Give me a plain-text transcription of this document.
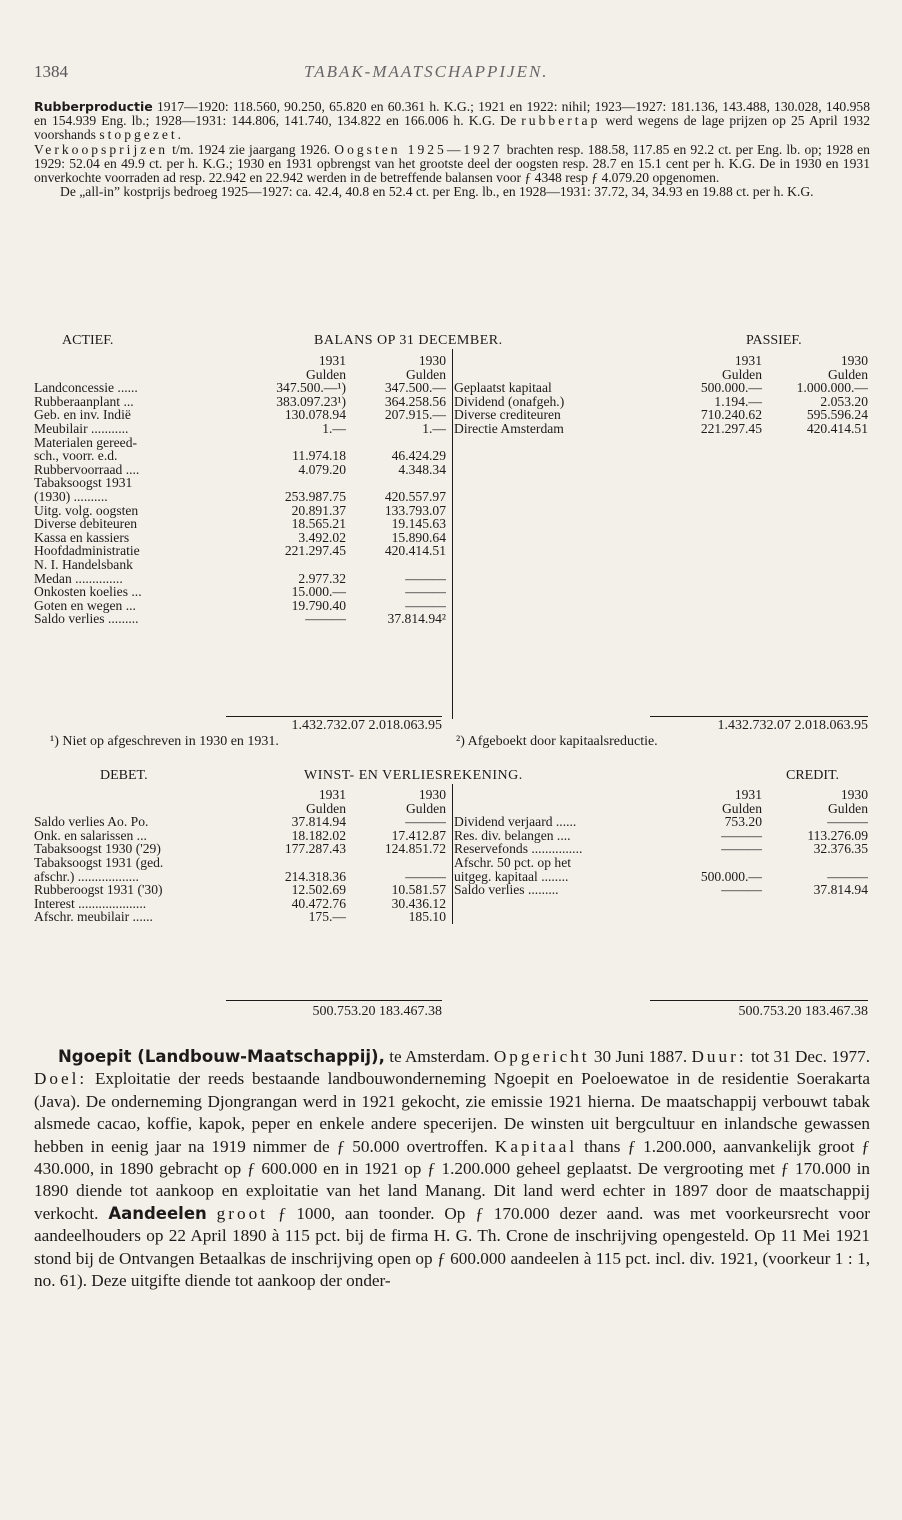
1384	TABAK-MAATSCHAPPIJEN.

Rubberproductie 1917—1920: 118.560, 90.250, 65.820 en 60.361 h. K.G.; 1921 en 1922: nihil; 1923—1927: 181.136, 143.488, 130.028, 140.958 en 154.939 Eng. lb.; 1928—1931: 144.806, 141.740, 134.822 en 166.006 h. K.G. De rubbertap werd wegens de lage prijzen op 25 April 1932 voorshands stopgezet.

Verkoopsprijzen t/m. 1924 zie jaargang 1926. Oogsten 1925—1927 brachten resp. 188.58, 117.85 en 92.2 ct. per Eng. lb. op; 1928 en 1929: 52.04 en 49.9 ct. per h. K.G.; 1930 en 1931 opbrengst van het grootste deel der oogsten resp. 28.7 en 15.1 cent per h. K.G. De in 1930 en 1931 onverkochte voorraden ad resp. 22.942 en 22.942 werden in de betreffende balansen voor ƒ 4348 resp ƒ 4.079.20 opgenomen.

De „all-in” kostprijs bedroeg 1925—1927: ca. 42.4, 40.8 en 52.4 ct. per Eng. lb., en 1928—1931: 37.72, 34, 34.93 en 19.88 ct. per h. K.G.

ACTIEF.	BALANS OP 31 DECEMBER.	PASSIEF.
	1931	1930
	Gulden	Gulden
Landconcessie ......	347.500.—¹)	347.500.—
Rubberaanplant ...	383.097.23¹)	364.258.56
Geb. en inv. Indië	130.078.94	207.915.—
Meubilair ...........	1.—	1.—
Materialen gereed-		
sch., voorr. e.d.	11.974.18	46.424.29
Rubbervoorraad ....	4.079.20	4.348.34
Tabaksoogst 1931		
(1930) ..........	253.987.75	420.557.97
Uitg. volg. oogsten	20.891.37	133.793.07
Diverse debiteuren	18.565.21	19.145.63
Kassa en kassiers	3.492.02	15.890.64
Hoofdadministratie	221.297.45	420.414.51
N. I. Handelsbank		
Medan ..............	2.977.32	———
Onkosten koelies ...	15.000.—	———
Goten en wegen ...	19.790.40	———
Saldo verlies .........	———	37.814.94²
	1931	1930
	Gulden	Gulden
Geplaatst kapitaal	500.000.—	1.000.000.—
Dividend (onafgeh.)	1.194.—	2.053.20
Diverse crediteuren	710.240.62	595.596.24
Directie Amsterdam	221.297.45	420.414.51
1.432.732.07 2.018.063.95	1.432.732.07 2.018.063.95
¹) Niet op afgeschreven in 1930 en 1931.	²) Afgeboekt door kapitaalsreductie.
DEBET.	WINST- EN VERLIESREKENING.	CREDIT.
	1931	1930
	Gulden	Gulden
Saldo verlies Ao. Po.	37.814.94	———
Onk. en salarissen ...	18.182.02	17.412.87
Tabaksoogst 1930 ('29)	177.287.43	124.851.72
Tabaksoogst 1931 (ged.		
afschr.) ..................	214.318.36	———
Rubberoogst 1931 ('30)	12.502.69	10.581.57
Interest ....................	40.472.76	30.436.12
Afschr. meubilair ......	175.—	185.10
	1931	1930
	Gulden	Gulden
Dividend verjaard ......	753.20	———
Res. div. belangen ....	———	113.276.09
Reservefonds ...............	———	32.376.35
Afschr. 50 pct. op het		
uitgeg. kapitaal ........	500.000.—	———
Saldo verlies .........	———	37.814.94
500.753.20 183.467.38	500.753.20 183.467.38
Ngoepit (Landbouw-Maatschappij), te Amsterdam. Opgericht 30 Juni 1887. Duur: tot 31 Dec. 1977. Doel: Exploitatie der reeds bestaande landbouwonderneming Ngoepit en Poeloewatoe in de residentie Soerakarta (Java). De onderneming Djongrangan werd in 1921 gekocht, zie emissie 1921 hierna. De maatschappij verbouwt tabak alsmede cacao, koffie, kapok, peper en enkele andere specerijen. De winsten uit bergcultuur en inlandsche gewassen hebben in eenig jaar na 1919 nimmer de ƒ 50.000 overtroffen. Kapitaal thans ƒ 1.200.000, aanvankelijk groot ƒ 430.000, in 1890 gebracht op ƒ 600.000 en in 1921 op ƒ 1.200.000 geheel geplaatst. De vergrooting met ƒ 170.000 in 1890 diende tot aankoop en exploitatie van het land Manang. Dit land werd echter in 1897 door de maatschappij verkocht. Aandeelen groot ƒ 1000, aan toonder. Op ƒ 170.000 dezer aand. was met voorkeursrecht voor aandeelhouders op 22 April 1890 à 115 pct. bij de firma H. G. Th. Crone de inschrijving opengesteld. Op 11 Mei 1921 stond bij de Ontvangen Betaalkas de inschrijving open op ƒ 600.000 aandeelen à 115 pct. incl. div. 1921, (voorkeur 1 : 1, no. 61). Deze uitgifte diende tot aankoop der onder-
